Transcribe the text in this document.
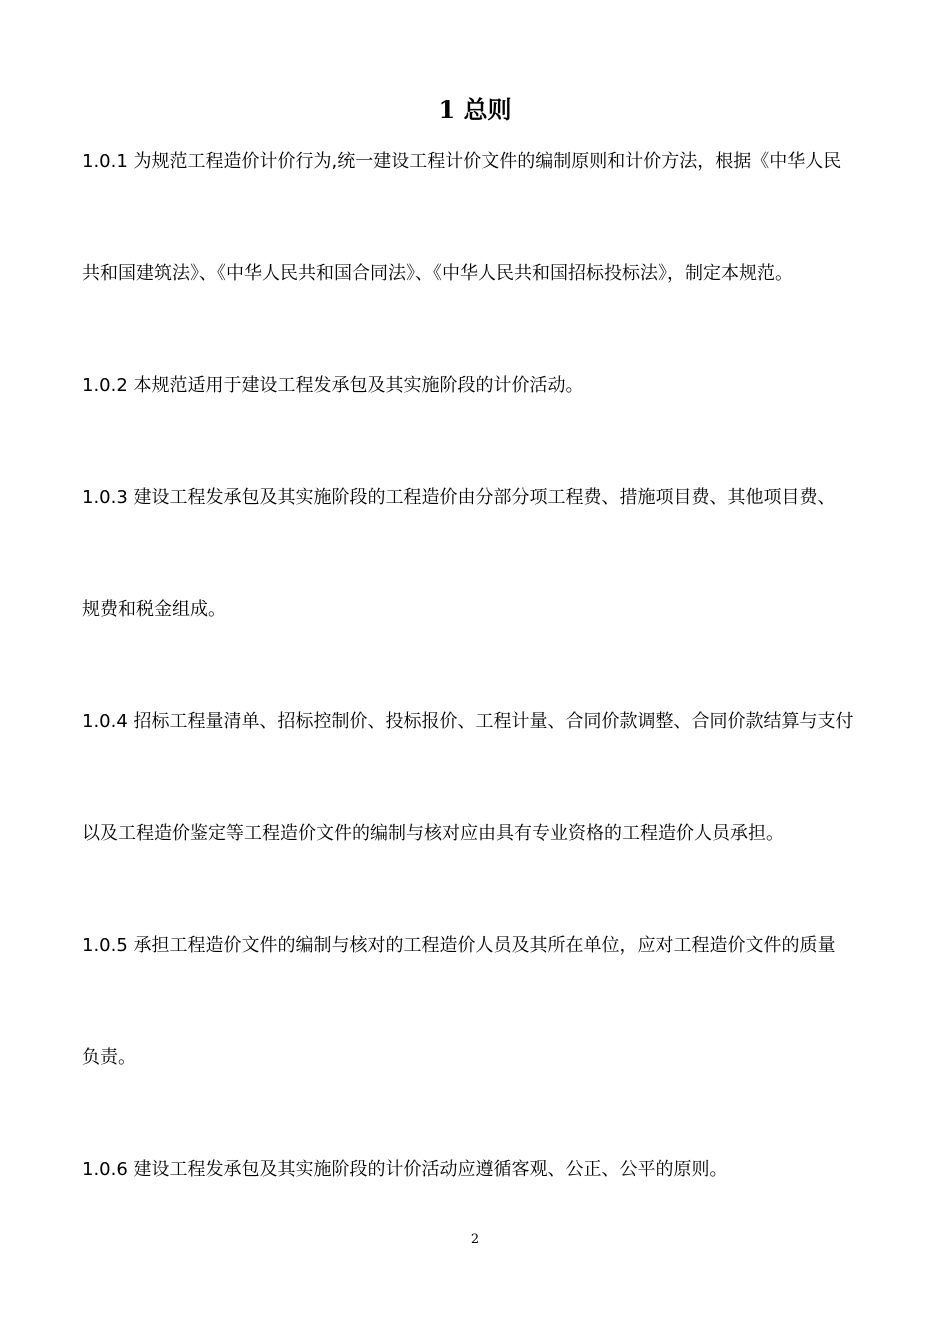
1 总则

1.0.1 为规范工程造价计价行为,统一建设工程计价文件的编制原则和计价方法，根据《中华人民

共和国建筑法》、《中华人民共和国合同法》、《中华人民共和国招标投标法》，制定本规范。

1.0.2 本规范适用于建设工程发承包及其实施阶段的计价活动。

1.0.3 建设工程发承包及其实施阶段的工程造价由分部分项工程费、措施项目费、其他项目费、

规费和税金组成。

1.0.4 招标工程量清单、招标控制价、投标报价、工程计量、合同价款调整、合同价款结算与支付

以及工程造价鉴定等工程造价文件的编制与核对应由具有专业资格的工程造价人员承担。

1.0.5 承担工程造价文件的编制与核对的工程造价人员及其所在单位，应对工程造价文件的质量

负责。

1.0.6 建设工程发承包及其实施阶段的计价活动应遵循客观、公正、公平的原则。

2
